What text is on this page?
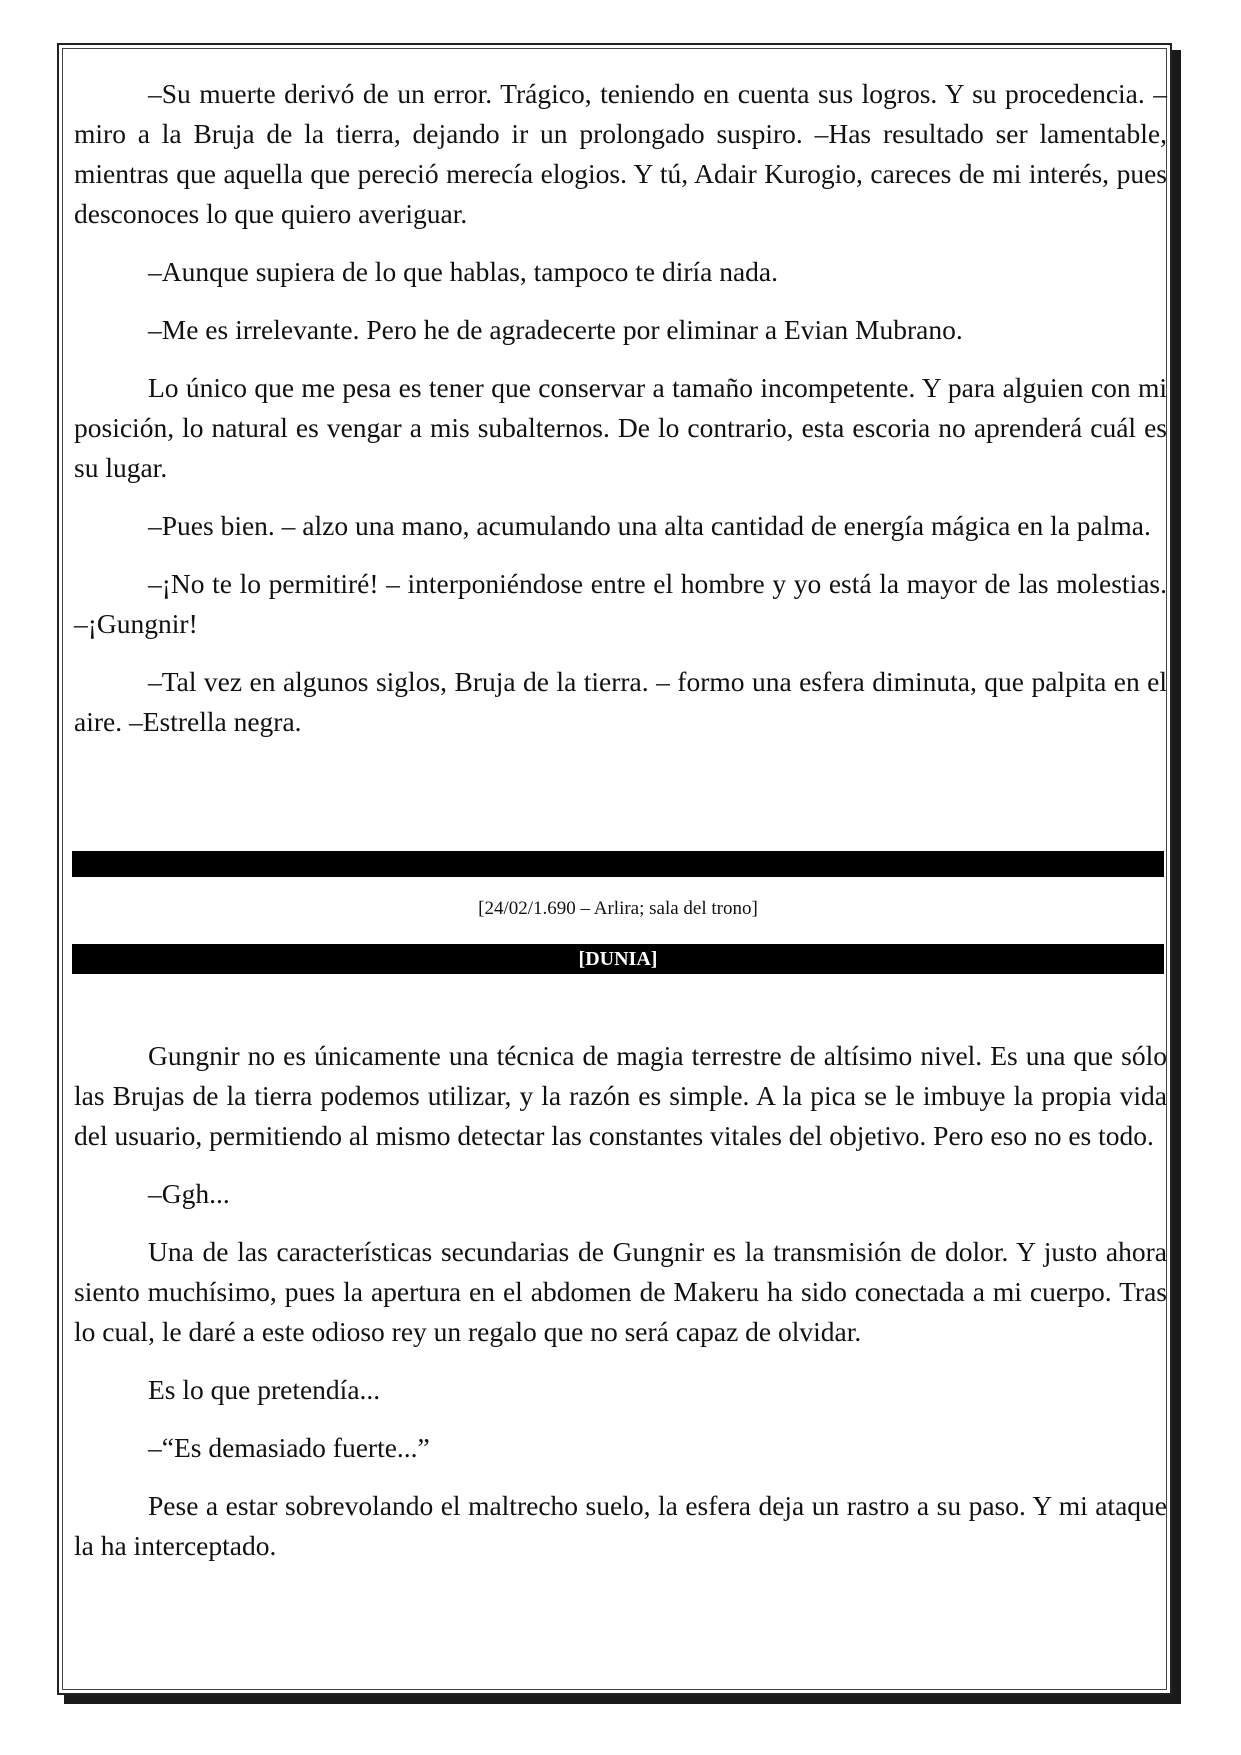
–Su muerte derivó de un error. Trágico, teniendo en cuenta sus logros. Y su procedencia. – miro a la Bruja de la tierra, dejando ir un prolongado suspiro. –Has resultado ser lamentable, mientras que aquella que pereció merecía elogios. Y tú, Adair Kurogio, careces de mi interés, pues desconoces lo que quiero averiguar.

–Aunque supiera de lo que hablas, tampoco te diría nada.

–Me es irrelevante. Pero he de agradecerte por eliminar a Evian Mubrano.

Lo único que me pesa es tener que conservar a tamaño incompetente. Y para alguien con mi posición, lo natural es vengar a mis subalternos. De lo contrario, esta escoria no aprenderá cuál es su lugar.

–Pues bien. – alzo una mano, acumulando una alta cantidad de energía mágica en la palma.

–¡No te lo permitiré! – interponiéndose entre el hombre y yo está la mayor de las molestias. –¡Gungnir!

–Tal vez en algunos siglos, Bruja de la tierra. – formo una esfera diminuta, que palpita en el aire. –Estrella negra.

[24/02/1.690 – Arlira; sala del trono]
[DUNIA]

Gungnir no es únicamente una técnica de magia terrestre de altísimo nivel. Es una que sólo las Brujas de la tierra podemos utilizar, y la razón es simple. A la pica se le imbuye la propia vida del usuario, permitiendo al mismo detectar las constantes vitales del objetivo. Pero eso no es todo.

–Ggh...

Una de las características secundarias de Gungnir es la transmisión de dolor. Y justo ahora siento muchísimo, pues la apertura en el abdomen de Makeru ha sido conectada a mi cuerpo. Tras lo cual, le daré a este odioso rey un regalo que no será capaz de olvidar.

Es lo que pretendía...

–“Es demasiado fuerte...”

Pese a estar sobrevolando el maltrecho suelo, la esfera deja un rastro a su paso. Y mi ataque la ha interceptado.
